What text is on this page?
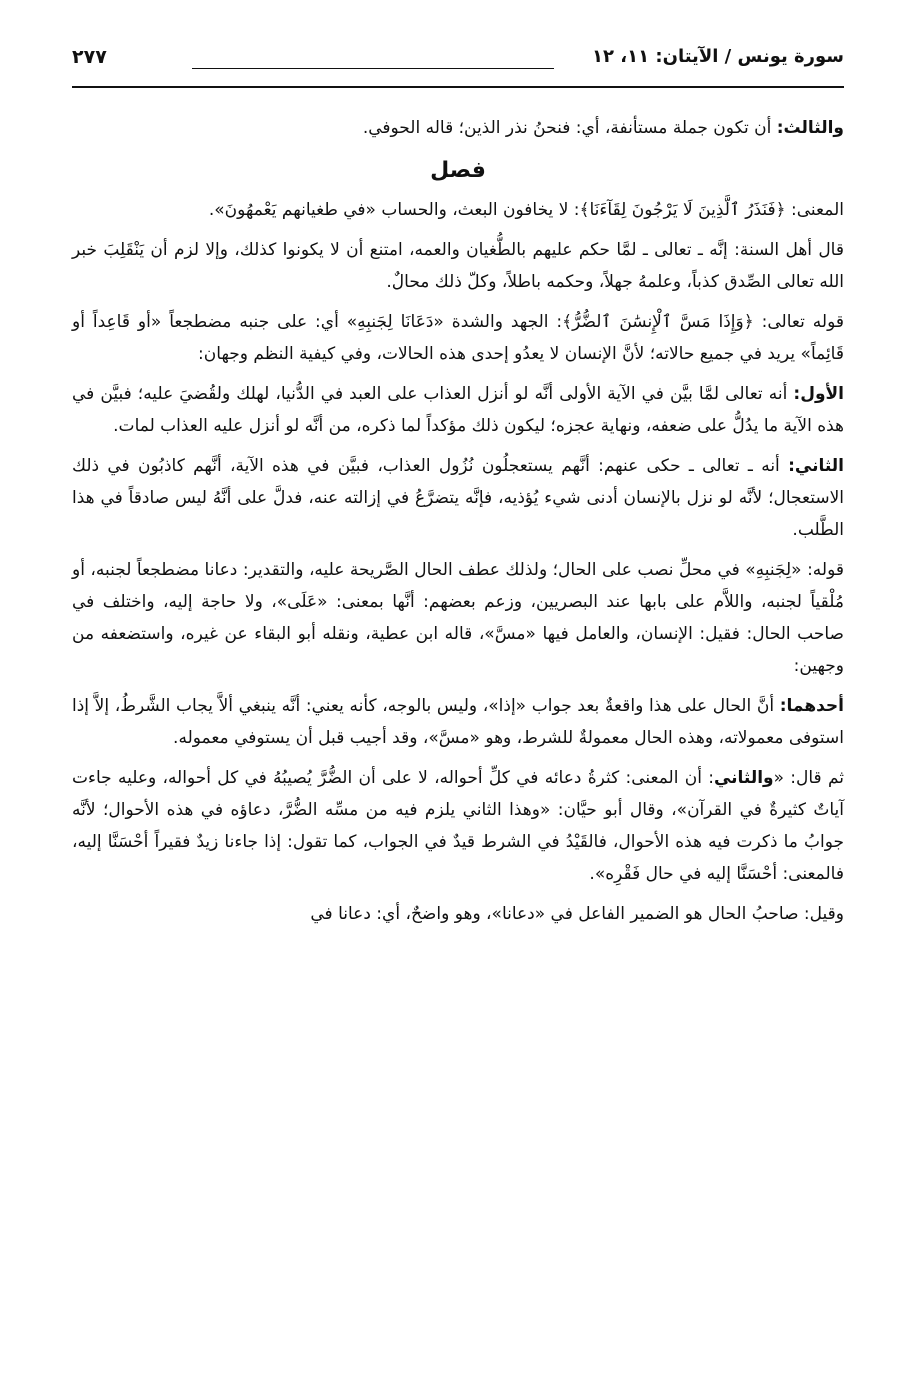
سورة يونس / الآيتان: ١١، ١٢
٢٧٧

والثالث: أن تكون جملة مستأنفة، أي: فنحنُ نذر الذين؛ قاله الحوفي.

فصل

المعنى: ﴿فَنَذَرُ ٱلَّذِينَ لَا يَرْجُونَ لِقَآءَنَا﴾: لا يخافون البعث، والحساب «في طغيانهم يَعْمهُونَ».

قال أهل السنة: إنَّه ـ تعالى ـ لمَّا حكم عليهم بالطُّغيان والعمه، امتنع أن لا يكونوا كذلك، وإلا لزم أن يَنْقَلِبَ خبر الله تعالى الصِّدق كذباً، وعلمهُ جهلاً، وحكمه باطلاً، وكلّ ذلك محالٌ.

قوله تعالى: ﴿وَإِذَا مَسَّ ٱلْإِنسَٰنَ ٱلضُّرُّ﴾: الجهد والشدة «دَعَانَا لِجَنبِهِ» أي: على جنبه مضطجعاً «أو قَاعِداً أو قَائِماً» يريد في جميع حالاته؛ لأنَّ الإنسان لا يعدُو إحدى هذه الحالات، وفي كيفية النظم وجهان:

الأول: أنه تعالى لمَّا بيَّن في الآية الأولى أنَّه لو أنزل العذاب على العبد في الدُّنيا، لهلك ولقُضيَ عليه؛ فبيَّن في هذه الآية ما يدُلُّ على ضعفه، ونهاية عجزه؛ ليكون ذلك مؤكداً لما ذكره، من أنَّه لو أنزل عليه العذاب لمات.

الثاني: أنه ـ تعالى ـ حكى عنهم: أنَّهم يستعجلُون نُزُول العذاب، فبيَّن في هذه الآية، أنَّهم كاذبُون في ذلك الاستعجال؛ لأنَّه لو نزل بالإنسان أدنى شيء يُؤذيه، فإنَّه يتضرَّعُ في إزالته عنه، فدلَّ على أنَّهُ ليس صادقاً في هذا الطَّلب.

قوله: «لِجَنبِهِ» في محلِّ نصب على الحال؛ ولذلك عطف الحال الصَّريحة عليه، والتقدير: دعانا مضطجعاً لجنبه، أو مُلْقياً لجنبه، واللاَّم على بابها عند البصريين، وزعم بعضهم: أنَّها بمعنى: «عَلَى»، ولا حاجة إليه، واختلف في صاحب الحال: فقيل: الإنسان، والعامل فيها «مسَّ»، قاله ابن عطية، ونقله أبو البقاء عن غيره، واستضعفه من وجهين:

أحدهما: أنَّ الحال على هذا واقعةٌ بعد جواب «إذا»، وليس بالوجه، كأنه يعني: أنَّه ينبغي ألاَّ يجاب الشَّرطُ، إلاَّ إذا استوفى معمولاته، وهذه الحال معمولةٌ للشرط، وهو «مسَّ»، وقد أجيب قبل أن يستوفي معموله.

ثم قال: «والثاني: أن المعنى: كثرةُ دعائه في كلِّ أحواله، لا على أن الضُّرَّ يُصيبُهُ في كل أحواله، وعليه جاءت آياتٌ كثيرةٌ في القرآن»، وقال أبو حيَّان: «وهذا الثاني يلزم فيه من مسِّه الضُّرَّ، دعاؤه في هذه الأحوال؛ لأنَّه جوابُ ما ذكرت فيه هذه الأحوال، فالقَيْدُ في الشرط قيدٌ في الجواب، كما تقول: إذا جاءنا زيدٌ فقيراً أحْسَنَّا إليه، فالمعنى: أحْسَنَّا إليه في حال فَقْرِه».

وقيل: صاحبُ الحال هو الضمير الفاعل في «دعانا»، وهو واضحٌ، أي: دعانا في
